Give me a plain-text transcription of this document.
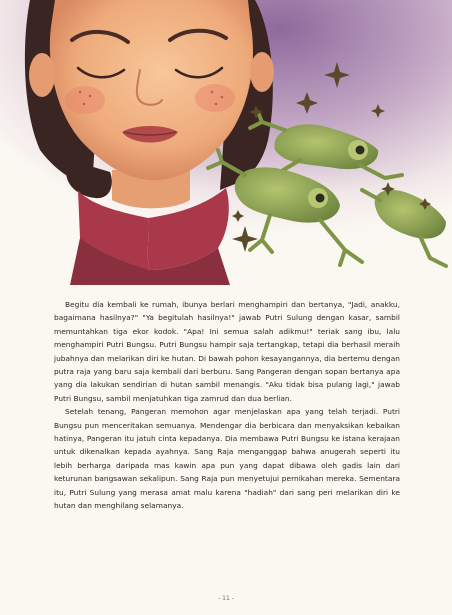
Begitu dia kembali ke rumah, ibunya berlari menghampiri dan bertanya, "Jadi, anakku, bagaimana hasilnya?" "Ya begitulah hasilnya!" jawab Putri Sulung dengan kasar, sambil memuntahkan tiga ekor kodok. "Apa! Ini semua salah adikmu!" teriak sang ibu, lalu menghampiri Putri Bungsu. Putri Bungsu hampir saja tertangkap, tetapi dia berhasil meraih jubahnya dan melarikan diri ke hutan. Di bawah pohon kesayangannya, dia bertemu dengan putra raja yang baru saja kembali dari berburu. Sang Pangeran dengan sopan bertanya apa yang dia lakukan sendirian di hutan sambil menangis. "Aku tidak bisa pulang lagi," jawab Putri Bungsu, sambil menjatuhkan tiga zamrud dan dua berlian.

Setelah tenang, Pangeran memohon agar menjelaskan apa yang telah terjadi. Putri Bungsu pun menceritakan semuanya. Mendengar dia berbicara dan menyaksikan kebaikan hatinya, Pangeran itu jatuh cinta kepadanya. Dia membawa Putri Bungsu ke istana kerajaan untuk dikenalkan kepada ayahnya. Sang Raja menganggap bahwa anugerah seperti itu lebih berharga daripada mas kawin apa pun yang dapat dibawa oleh gadis lain dari keturunan bangsawan sekalipun. Sang Raja pun menyetujui pernikahan mereka. Sementara itu, Putri Sulung yang merasa amat malu karena "hadiah" dari sang peri melarikan diri ke hutan dan menghilang selamanya.

- 11 -
